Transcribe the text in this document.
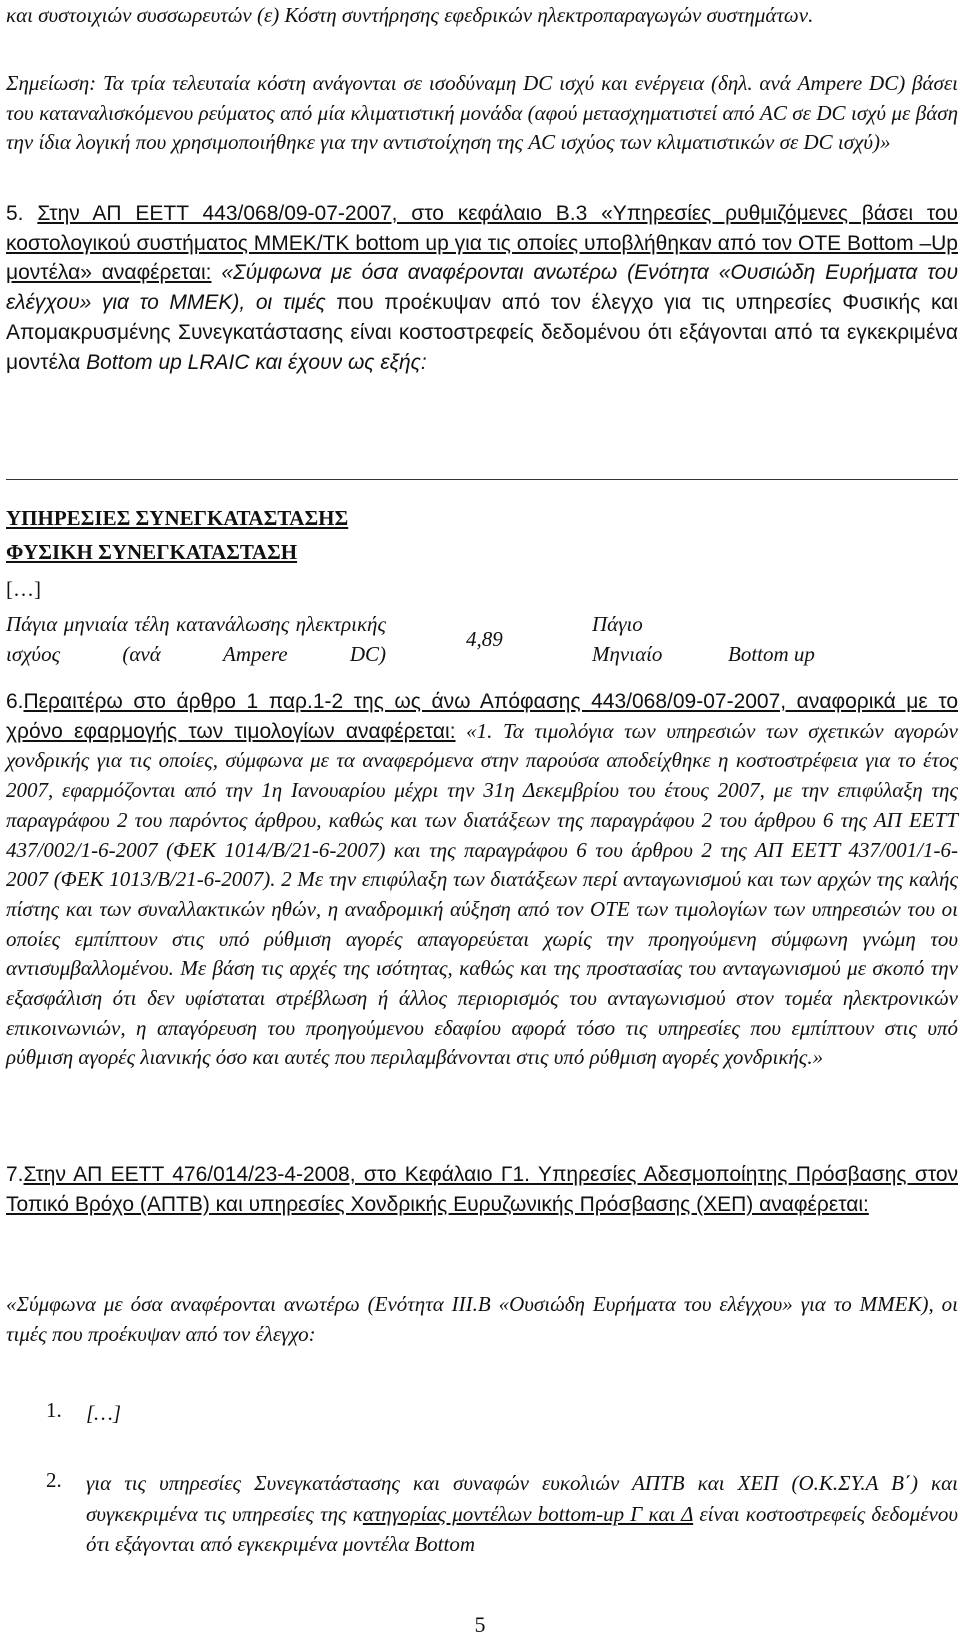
και συστοιχιών συσσωρευτών (ε) Κόστη συντήρησης εφεδρικών ηλεκτροπαραγωγών συστημάτων.

Σημείωση: Τα τρία τελευταία κόστη ανάγονται σε ισοδύναμη DC ισχύ και ενέργεια (δηλ. ανά Ampere DC) βάσει του καταναλισκόμενου ρεύματος από μία κλιματιστική μονάδα (αφού μετασχηματιστεί από AC σε DC ισχύ με βάση την ίδια λογική που χρησιμοποιήθηκε για την αντιστοίχηση της AC ισχύος των κλιματιστικών σε DC ισχύ)»

5. Στην ΑΠ ΕΕΤΤ 443/068/09-07-2007, στο κεφάλαιο Β.3 «Υπηρεσίες ρυθμιζόμενες βάσει του κοστολογικού συστήματος ΜΜΕΚ/ΤΚ bottom up για τις οποίες υποβλήθηκαν από τον ΟΤΕ Bottom –Up μοντέλα» αναφέρεται: «Σύμφωνα με όσα αναφέρονται ανωτέρω (Ενότητα «Ουσιώδη Ευρήματα του ελέγχου» για το ΜΜΕΚ), οι τιμές που προέκυψαν από τον έλεγχο για τις υπηρεσίες Φυσικής και Απομακρυσμένης Συνεγκατάστασης είναι κοστοστρεφείς δεδομένου ότι εξάγονται από τα εγκεκριμένα μοντέλα Bottom up LRAIC και έχουν ως εξής:

ΥΠΗΡΕΣΙΕΣ ΣΥΝΕΓΚΑΤΑΣΤΑΣΗΣ
ΦΥΣΙΚΗ ΣΥΝΕΓΚΑΤΑΣΤΑΣΗ
[…]
Πάγια μηνιαία τέλη κατανάλωσης ηλεκτρικής ισχύος (ανά Ampere DC)
4,89
Πάγιο Μηνιαίο	Bottom up

6.Περαιτέρω στο άρθρο 1 παρ.1-2 της ως άνω Απόφασης 443/068/09-07-2007, αναφορικά με το χρόνο εφαρμογής των τιμολογίων αναφέρεται: «1. Τα τιμολόγια των υπηρεσιών των σχετικών αγορών χονδρικής για τις οποίες, σύμφωνα με τα αναφερόμενα στην παρούσα αποδείχθηκε η κοστοστρέφεια για το έτος 2007, εφαρμόζονται από την 1η Ιανουαρίου μέχρι την 31η Δεκεμβρίου του έτους 2007, με την επιφύλαξη της παραγράφου 2 του παρόντος άρθρου, καθώς και των διατάξεων της παραγράφου 2 του άρθρου 6 της ΑΠ ΕΕΤΤ 437/002/1-6-2007 (ΦΕΚ 1014/Β/21-6-2007) και της παραγράφου 6 του άρθρου 2 της ΑΠ ΕΕΤΤ 437/001/1-6-2007 (ΦΕΚ 1013/Β/21-6-2007). 2 Με την επιφύλαξη των διατάξεων περί ανταγωνισμού και των αρχών της καλής πίστης και των συναλλακτικών ηθών, η αναδρομική αύξηση από τον ΟΤΕ των τιμολογίων των υπηρεσιών του οι οποίες εμπίπτουν στις υπό ρύθμιση αγορές απαγορεύεται χωρίς την προηγούμενη σύμφωνη γνώμη του αντισυμβαλλομένου. Με βάση τις αρχές της ισότητας, καθώς και της προστασίας του ανταγωνισμού με σκοπό την εξασφάλιση ότι δεν υφίσταται στρέβλωση ή άλλος περιορισμός του ανταγωνισμού στον τομέα ηλεκτρονικών επικοινωνιών, η απαγόρευση του προηγούμενου εδαφίου αφορά τόσο τις υπηρεσίες που εμπίπτουν στις υπό ρύθμιση αγορές λιανικής όσο και αυτές που περιλαμβάνονται στις υπό ρύθμιση αγορές χονδρικής.»

7.Στην ΑΠ ΕΕΤΤ 476/014/23-4-2008, στο Κεφάλαιο Γ1. Υπηρεσίες Αδεσμοποίητης Πρόσβασης στον Τοπικό Βρόχο (ΑΠΤΒ) και υπηρεσίες Χονδρικής Ευρυζωνικής Πρόσβασης (ΧΕΠ) αναφέρεται:

«Σύμφωνα με όσα αναφέρονται ανωτέρω (Ενότητα ΙΙΙ.Β «Ουσιώδη Ευρήματα του ελέγχου» για το ΜΜΕΚ), οι τιμές που προέκυψαν από τον έλεγχο:

1. […]
2. για τις υπηρεσίες Συνεγκατάστασης και συναφών ευκολιών ΑΠΤΒ και ΧΕΠ (Ο.Κ.ΣΥ.Α Β΄) και συγκεκριμένα τις υπηρεσίες της κατηγορίας μοντέλων bottom-up Γ και Δ είναι κοστοστρεφείς δεδομένου ότι εξάγονται από εγκεκριμένα μοντέλα Bottom
5
